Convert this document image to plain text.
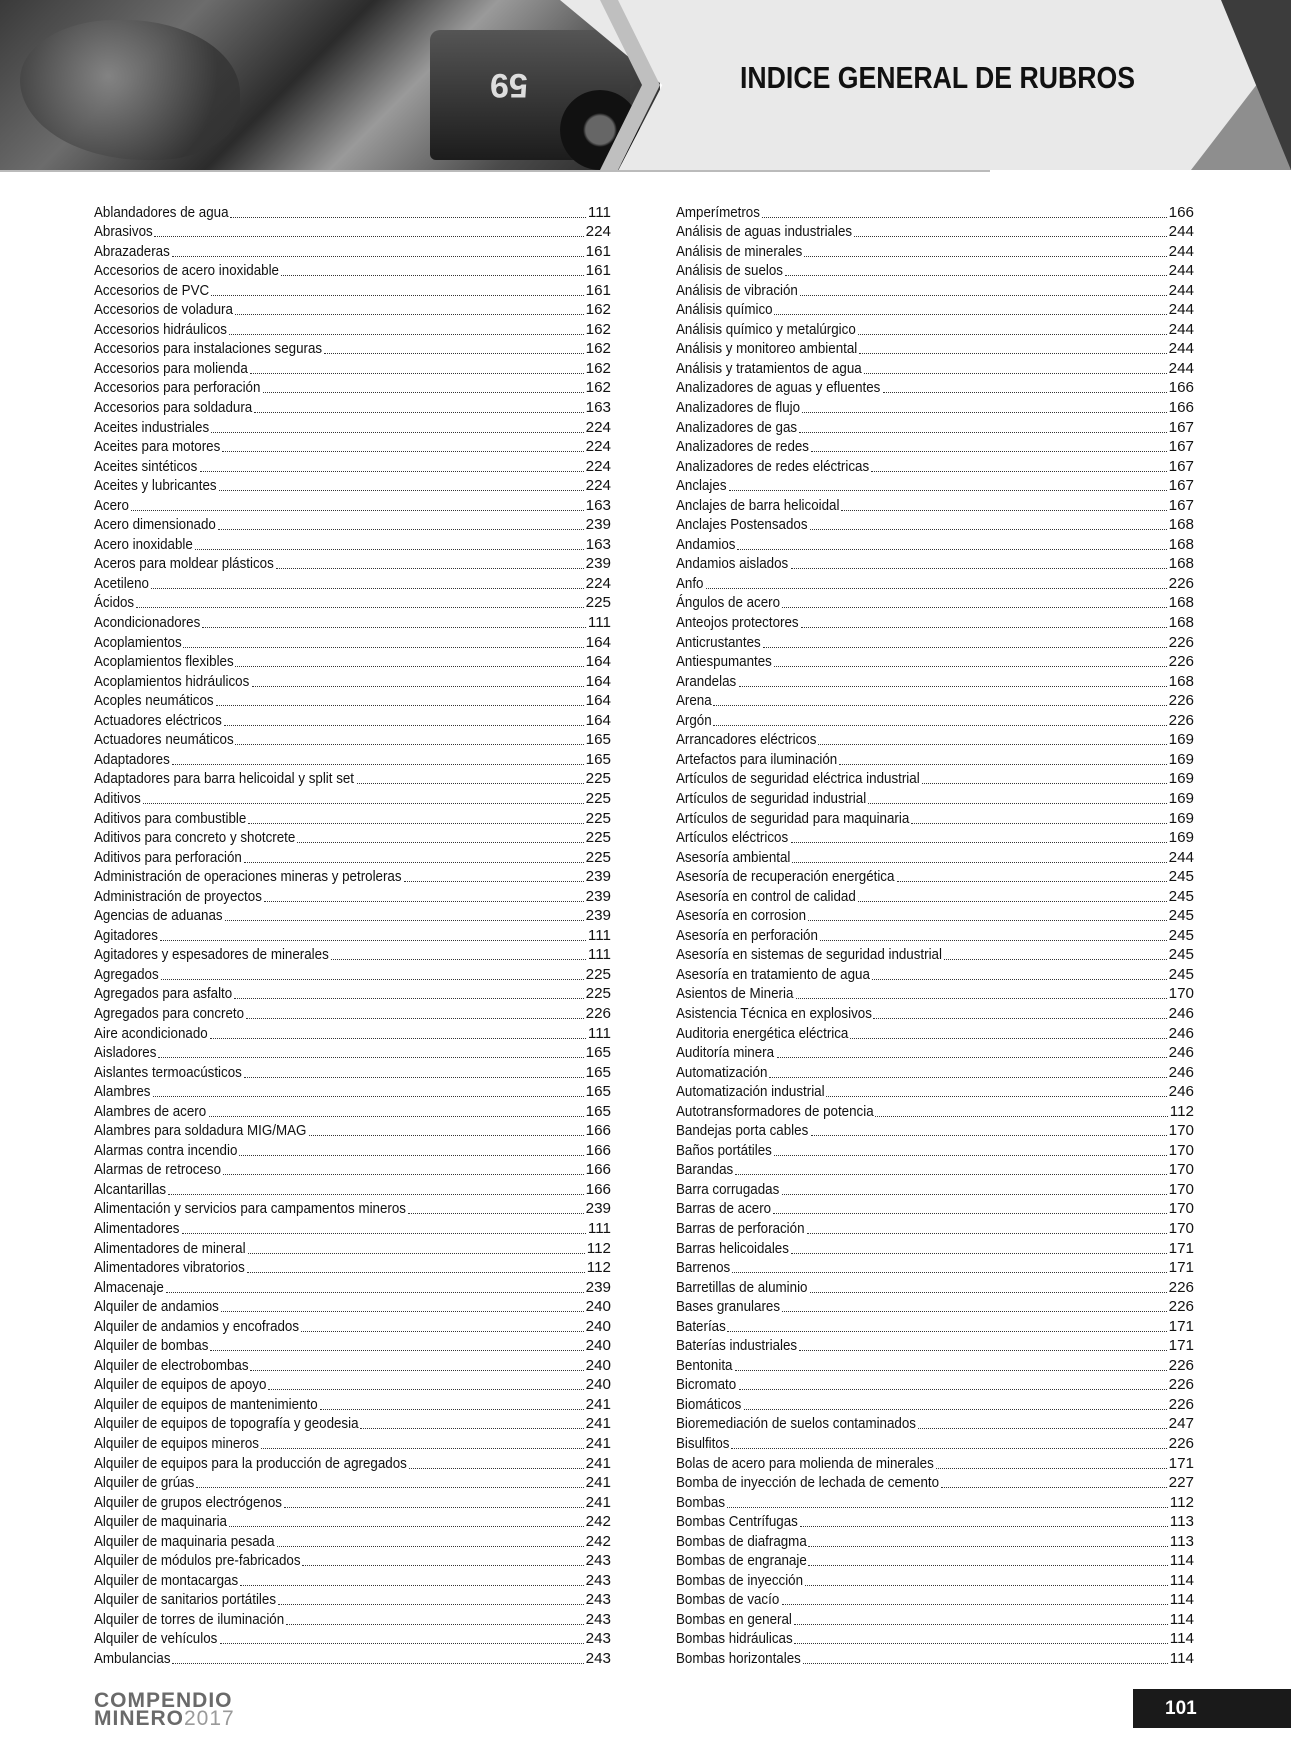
59	INDICE GENERAL DE RUBROS
Ablandadores de agua	111
Abrasivos	224
Abrazaderas	161
Accesorios de acero inoxidable	161
Accesorios de PVC	161
Accesorios de voladura	162
Accesorios hidráulicos	162
Accesorios para instalaciones seguras	162
Accesorios para molienda	162
Accesorios para perforación	162
Accesorios para soldadura	163
Aceites industriales	224
Aceites para motores	224
Aceites sintéticos	224
Aceites y lubricantes	224
Acero	163
Acero dimensionado	239
Acero inoxidable	163
Aceros para moldear plásticos	239
Acetileno	224
Ácidos	225
Acondicionadores	111
Acoplamientos	164
Acoplamientos flexibles	164
Acoplamientos hidráulicos	164
Acoples neumáticos	164
Actuadores eléctricos	164
Actuadores neumáticos	165
Adaptadores	165
Adaptadores para barra helicoidal y split set	225
Aditivos	225
Aditivos para combustible	225
Aditivos para concreto y shotcrete	225
Aditivos para perforación	225
Administración de operaciones mineras y petroleras	239
Administración de proyectos	239
Agencias de aduanas	239
Agitadores	111
Agitadores y espesadores de minerales	111
Agregados	225
Agregados para asfalto	225
Agregados para concreto	226
Aire acondicionado	111
Aisladores	165
Aislantes termoacústicos	165
Alambres	165
Alambres de acero	165
Alambres para soldadura MIG/MAG	166
Alarmas contra incendio	166
Alarmas de retroceso	166
Alcantarillas	166
Alimentación y servicios para campamentos mineros	239
Alimentadores	111
Alimentadores de mineral	112
Alimentadores vibratorios	112
Almacenaje	239
Alquiler de andamios	240
Alquiler de andamios y encofrados	240
Alquiler de bombas	240
Alquiler de electrobombas	240
Alquiler de equipos de apoyo	240
Alquiler de equipos de mantenimiento	241
Alquiler de equipos de topografía y geodesia	241
Alquiler de equipos mineros	241
Alquiler de equipos para la producción de agregados	241
Alquiler de grúas	241
Alquiler de grupos electrógenos	241
Alquiler de maquinaria	242
Alquiler de maquinaria pesada	242
Alquiler de módulos pre-fabricados	243
Alquiler de montacargas	243
Alquiler de sanitarios portátiles	243
Alquiler de torres de iluminación	243
Alquiler de vehículos	243
Ambulancias	243
Amperímetros	166
Análisis de aguas industriales	244
Análisis de minerales	244
Análisis de suelos	244
Análisis de vibración	244
Análisis químico	244
Análisis químico y metalúrgico	244
Análisis y monitoreo ambiental	244
Análisis y tratamientos de agua	244
Analizadores de aguas y efluentes	166
Analizadores de flujo	166
Analizadores de gas	167
Analizadores de redes	167
Analizadores de redes eléctricas	167
Anclajes	167
Anclajes de barra helicoidal	167
Anclajes Postensados	168
Andamios	168
Andamios aislados	168
Anfo	226
Ángulos de acero	168
Anteojos protectores	168
Anticrustantes	226
Antiespumantes	226
Arandelas	168
Arena	226
Argón	226
Arrancadores eléctricos	169
Artefactos para iluminación	169
Artículos de seguridad eléctrica industrial	169
Artículos de seguridad industrial	169
Artículos de seguridad para maquinaria	169
Artículos eléctricos	169
Asesoría ambiental	244
Asesoría de recuperación energética	245
Asesoría en control de calidad	245
Asesoría en corrosion	245
Asesoría en perforación	245
Asesoría en sistemas de seguridad industrial	245
Asesoría en tratamiento de agua	245
Asientos de Mineria	170
Asistencia Técnica en explosivos	246
Auditoria energética eléctrica	246
Auditoría minera	246
Automatización	246
Automatización industrial	246
Autotransformadores de potencia	112
Bandejas porta cables	170
Baños portátiles	170
Barandas	170
Barra corrugadas	170
Barras de acero	170
Barras de perforación	170
Barras helicoidales	171
Barrenos	171
Barretillas de aluminio	226
Bases granulares	226
Baterías	171
Baterías industriales	171
Bentonita	226
Bicromato	226
Biomáticos	226
Bioremediación de suelos contaminados	247
Bisulfitos	226
Bolas de acero para molienda de minerales	171
Bomba de inyección de lechada de cemento	227
Bombas	112
Bombas Centrífugas	113
Bombas de diafragma	113
Bombas de engranaje	114
Bombas de inyección	114
Bombas de vacío	114
Bombas en general	114
Bombas hidráulicas	114
Bombas horizontales	114
COMPENDIO
MINERO2017	101
